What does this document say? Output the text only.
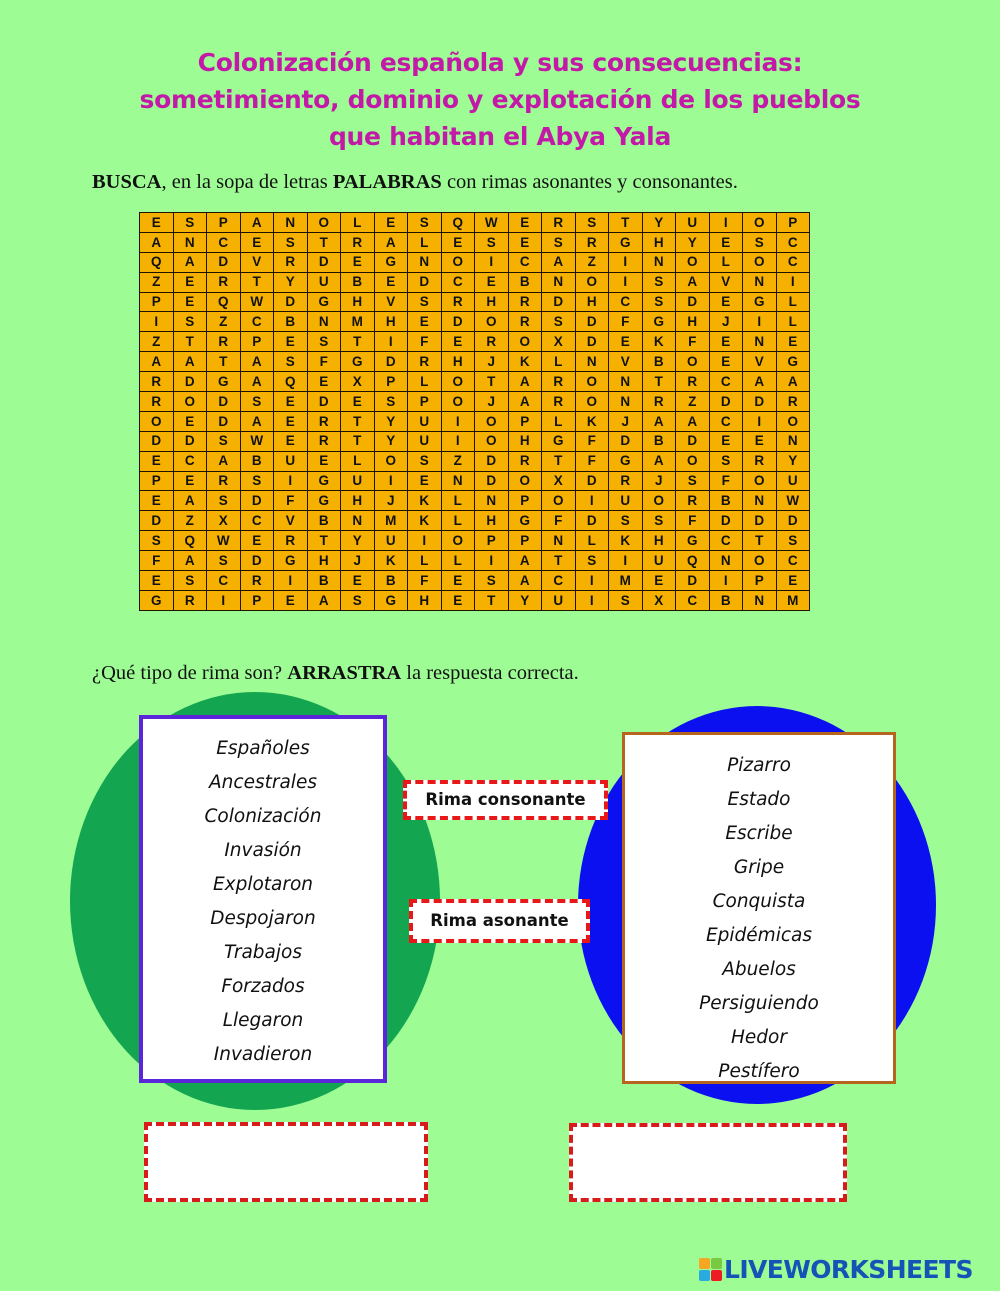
Colonización española y sus consecuencias:
sometimiento, dominio y explotación de los pueblos
que habitan el Abya Yala
BUSCA, en la sopa de letras PALABRAS con rimas asonantes y consonantes.
E	S	P	A	N	O	L	E	S	Q	W	E	R	S	T	Y	U	I	O	P
A	N	C	E	S	T	R	A	L	E	S	E	S	R	G	H	Y	E	S	C
Q	A	D	V	R	D	E	G	N	O	I	C	A	Z	I	N	O	L	O	C
Z	E	R	T	Y	U	B	E	D	C	E	B	N	O	I	S	A	V	N	I
P	E	Q	W	D	G	H	V	S	R	H	R	D	H	C	S	D	E	G	L
I	S	Z	C	B	N	M	H	E	D	O	R	S	D	F	G	H	J	I	L
Z	T	R	P	E	S	T	I	F	E	R	O	X	D	E	K	F	E	N	E
A	A	T	A	S	F	G	D	R	H	J	K	L	N	V	B	O	E	V	G
R	D	G	A	Q	E	X	P	L	O	T	A	R	O	N	T	R	C	A	A
R	O	D	S	E	D	E	S	P	O	J	A	R	O	N	R	Z	D	D	R
O	E	D	A	E	R	T	Y	U	I	O	P	L	K	J	A	A	C	I	O
D	D	S	W	E	R	T	Y	U	I	O	H	G	F	D	B	D	E	E	N
E	C	A	B	U	E	L	O	S	Z	D	R	T	F	G	A	O	S	R	Y
P	E	R	S	I	G	U	I	E	N	D	O	X	D	R	J	S	F	O	U
E	A	S	D	F	G	H	J	K	L	N	P	O	I	U	O	R	B	N	W
D	Z	X	C	V	B	N	M	K	L	H	G	F	D	S	S	F	D	D	D
S	Q	W	E	R	T	Y	U	I	O	P	P	N	L	K	H	G	C	T	S
F	A	S	D	G	H	J	K	L	L	I	A	T	S	I	U	Q	N	O	C
E	S	C	R	I	B	E	B	F	E	S	A	C	I	M	E	D	I	P	E
G	R	I	P	E	A	S	G	H	E	T	Y	U	I	S	X	C	B	N	M
¿Qué tipo de rima son? ARRASTRA la respuesta correcta.
Españoles
Ancestrales
Colonización
Invasión
Explotaron
Despojaron
Trabajos
Forzados
Llegaron
Invadieron
Pizarro
Estado
Escribe
Gripe
Conquista
Epidémicas
Abuelos
Persiguiendo
Hedor
Pestífero
Rima consonante
Rima asonante
LIVEWORKSHEETS
